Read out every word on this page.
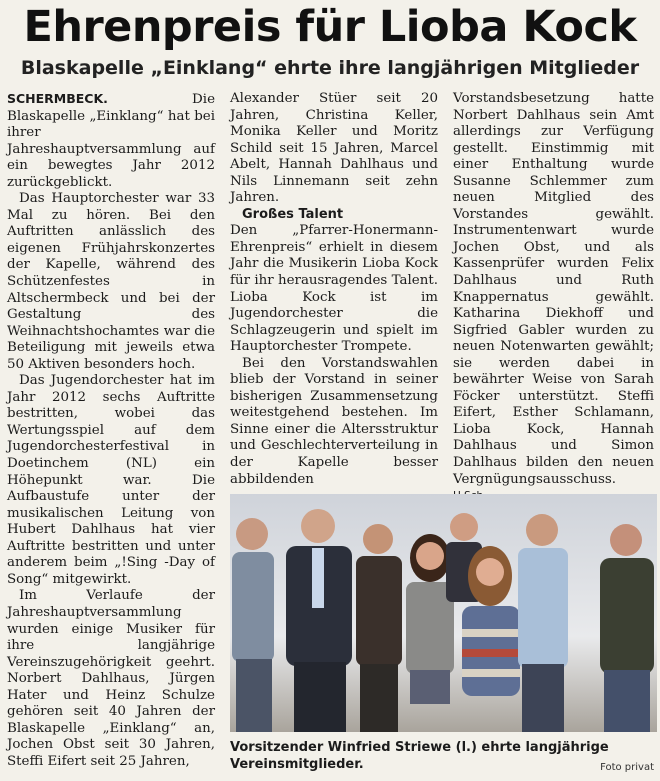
Ehrenpreis für Lioba Kock
Blaskapelle „Einklang“ ehrte ihre langjährigen Mitglieder

SCHERMBECK.	Die Blaskapelle „Einklang“ hat bei ihrer Jahreshauptversammlung auf ein bewegtes Jahr 2012 zurückgeblickt.

Das Hauptorchester war 33 Mal zu hören. Bei den Auftritten anlässlich des eigenen Frühjahrskonzertes der Kapelle, während des Schützenfestes in Altschermbeck und bei der Gestaltung des Weihnachtshochamtes war die Beteiligung mit jeweils etwa 50 Aktiven besonders hoch.

Das Jugendorchester hat im Jahr 2012 sechs Auftritte bestritten, wobei das Wertungsspiel auf dem Jugendorchesterfestival in Doetinchem (NL) ein Höhepunkt war. Die Aufbaustufe unter der musikalischen Leitung von Hubert Dahlhaus hat vier Auftritte bestritten und unter anderem beim „!Sing -Day of Song“ mitgewirkt.

Im Verlaufe der Jahreshauptversammlung wurden einige Musiker für ihre langjährige Vereinszugehörigkeit geehrt. Norbert Dahlhaus, Jürgen Hater und Heinz Schulze gehören seit 40 Jahren der Blaskapelle „Einklang“ an, Jochen Obst seit 30 Jahren, Steffi Eifert seit 25 Jahren,

Alexander Stüer seit 20 Jahren, Christina Keller, Monika Keller und Moritz Schild seit 15 Jahren, Marcel Abelt, Hannah Dahlhaus und Nils Linnemann seit zehn Jahren.

Großes Talent

Den „Pfarrer-Honermann-Ehrenpreis“ erhielt in diesem Jahr die Musikerin Lioba Kock für ihr herausragendes Talent. Lioba Kock ist im Jugendorchester die Schlagzeugerin und spielt im Hauptorchester Trompete.

Bei den Vorstandswahlen blieb der Vorstand in seiner bisherigen Zusammensetzung weitestgehend bestehen. Im Sinne einer die Altersstruktur und Geschlechterverteilung in der Kapelle besser abbildenden

Vorstandsbesetzung hatte Norbert Dahlhaus sein Amt allerdings zur Verfügung gestellt. Einstimmig mit einer Enthaltung wurde Susanne Schlemmer zum neuen Mitglied des Vorstandes gewählt. Instrumentenwart wurde Jochen Obst, und als Kassenprüfer wurden Felix Dahlhaus und Ruth Knappernatus gewählt. Katharina Diekhoff und Sigfried Gabler wurden zu neuen Notenwarten gewählt; sie werden dabei in bewährter Weise von Sarah Föcker unterstützt. Steffi Eifert, Esther Schlamann, Lioba Kock, Hannah Dahlhaus und Simon Dahlhaus bilden den neuen Vergnügungsausschuss.

Vorsitzender Winfried Striewe (l.) ehrte langjährige Vereinsmitglieder.	Foto privat
